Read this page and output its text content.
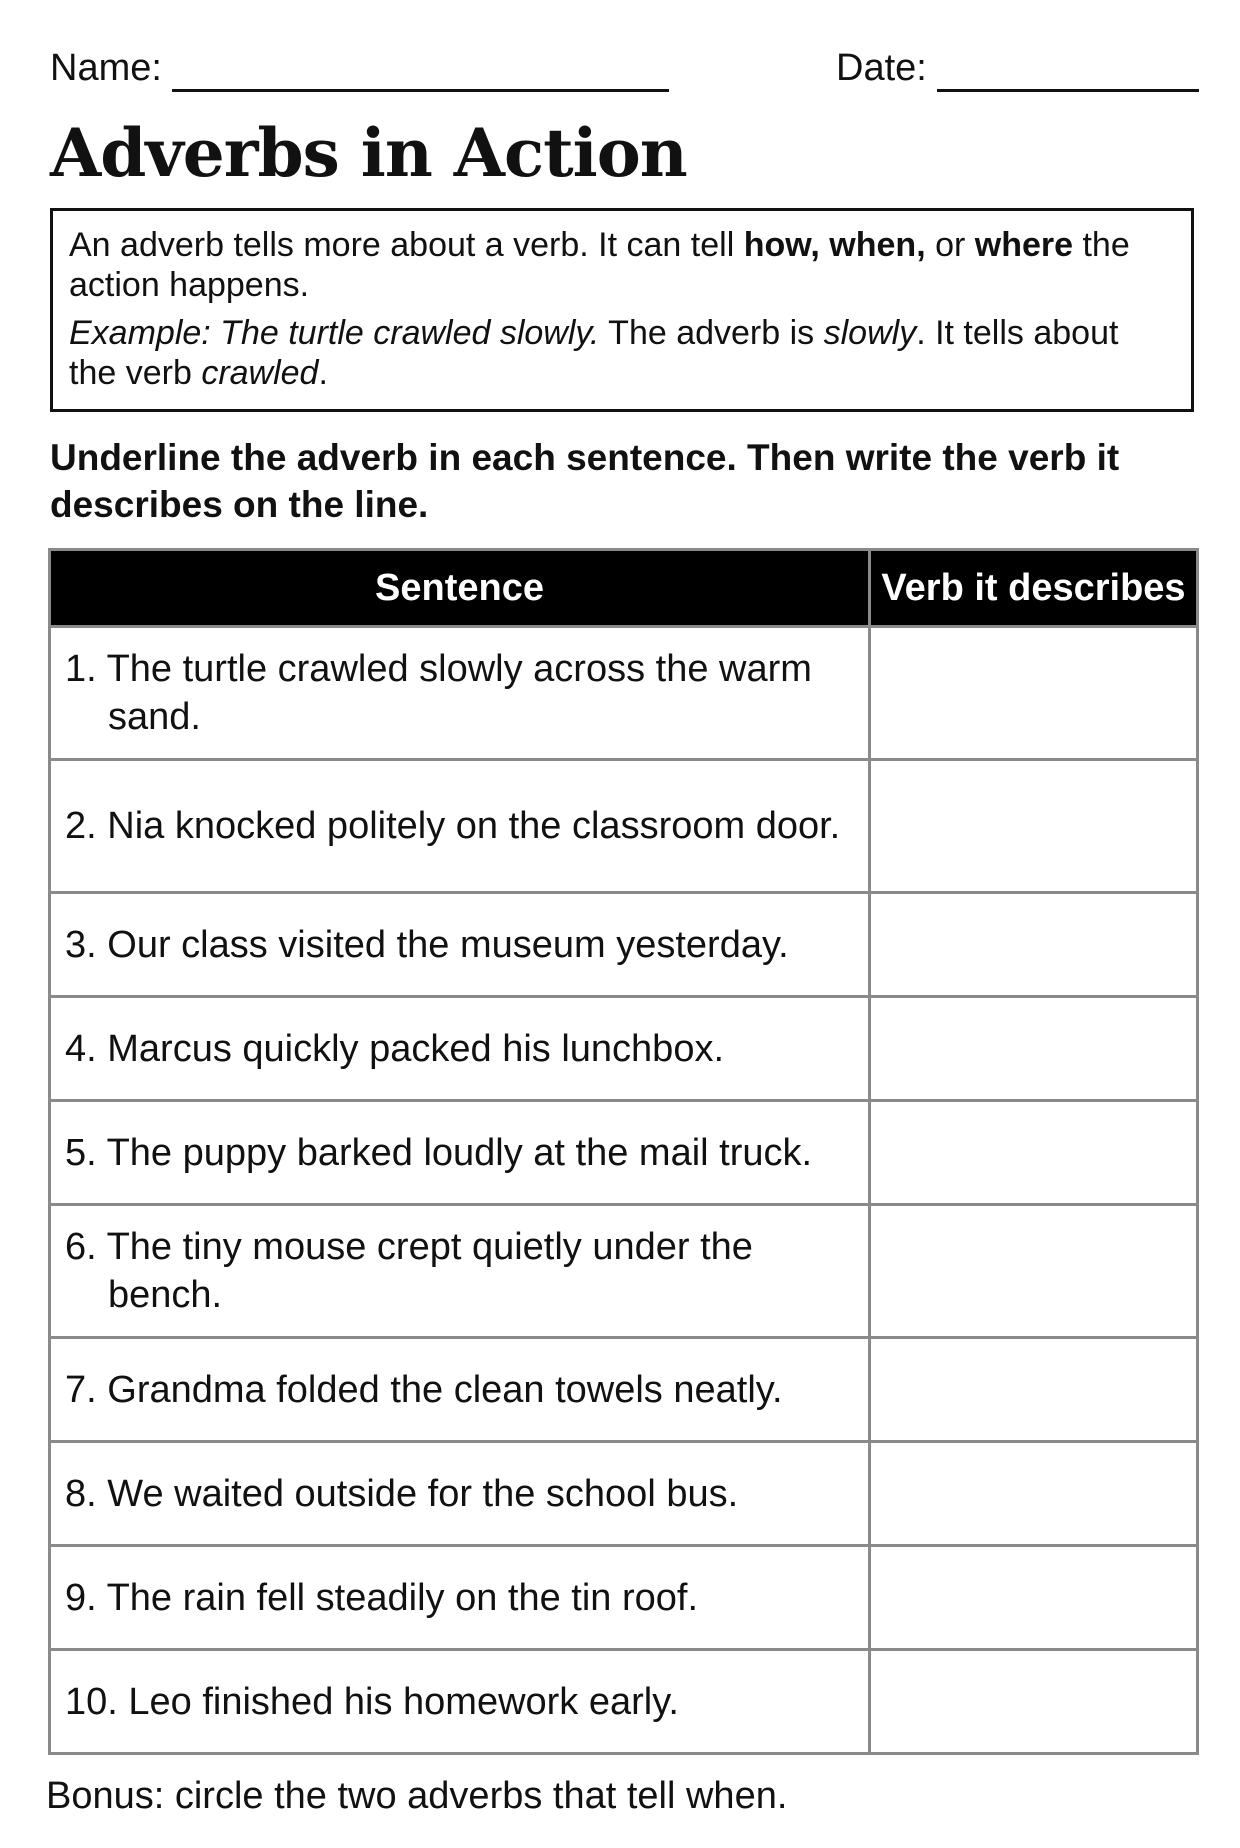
Name:	Date:
Adverbs in Action

An adverb tells more about a verb. It can tell how, when, or where the action happens.

Example: The turtle crawled slowly. The adverb is slowly. It tells about the verb crawled.

Underline the adverb in each sentence. Then write the verb it describes on the line.
Sentence	Verb it describes

1. The turtle crawled slowly across the warm sand.	

2. Nia knocked politely on the classroom door.	

3. Our class visited the museum yesterday.	

4. Marcus quickly packed his lunchbox.	

5. The puppy barked loudly at the mail truck.	

6. The tiny mouse crept quietly under the bench.	

7. Grandma folded the clean towels neatly.	

8. We waited outside for the school bus.	

9. The rain fell steadily on the tin roof.	

10. Leo finished his homework early.	

Bonus: circle the two adverbs that tell when.
